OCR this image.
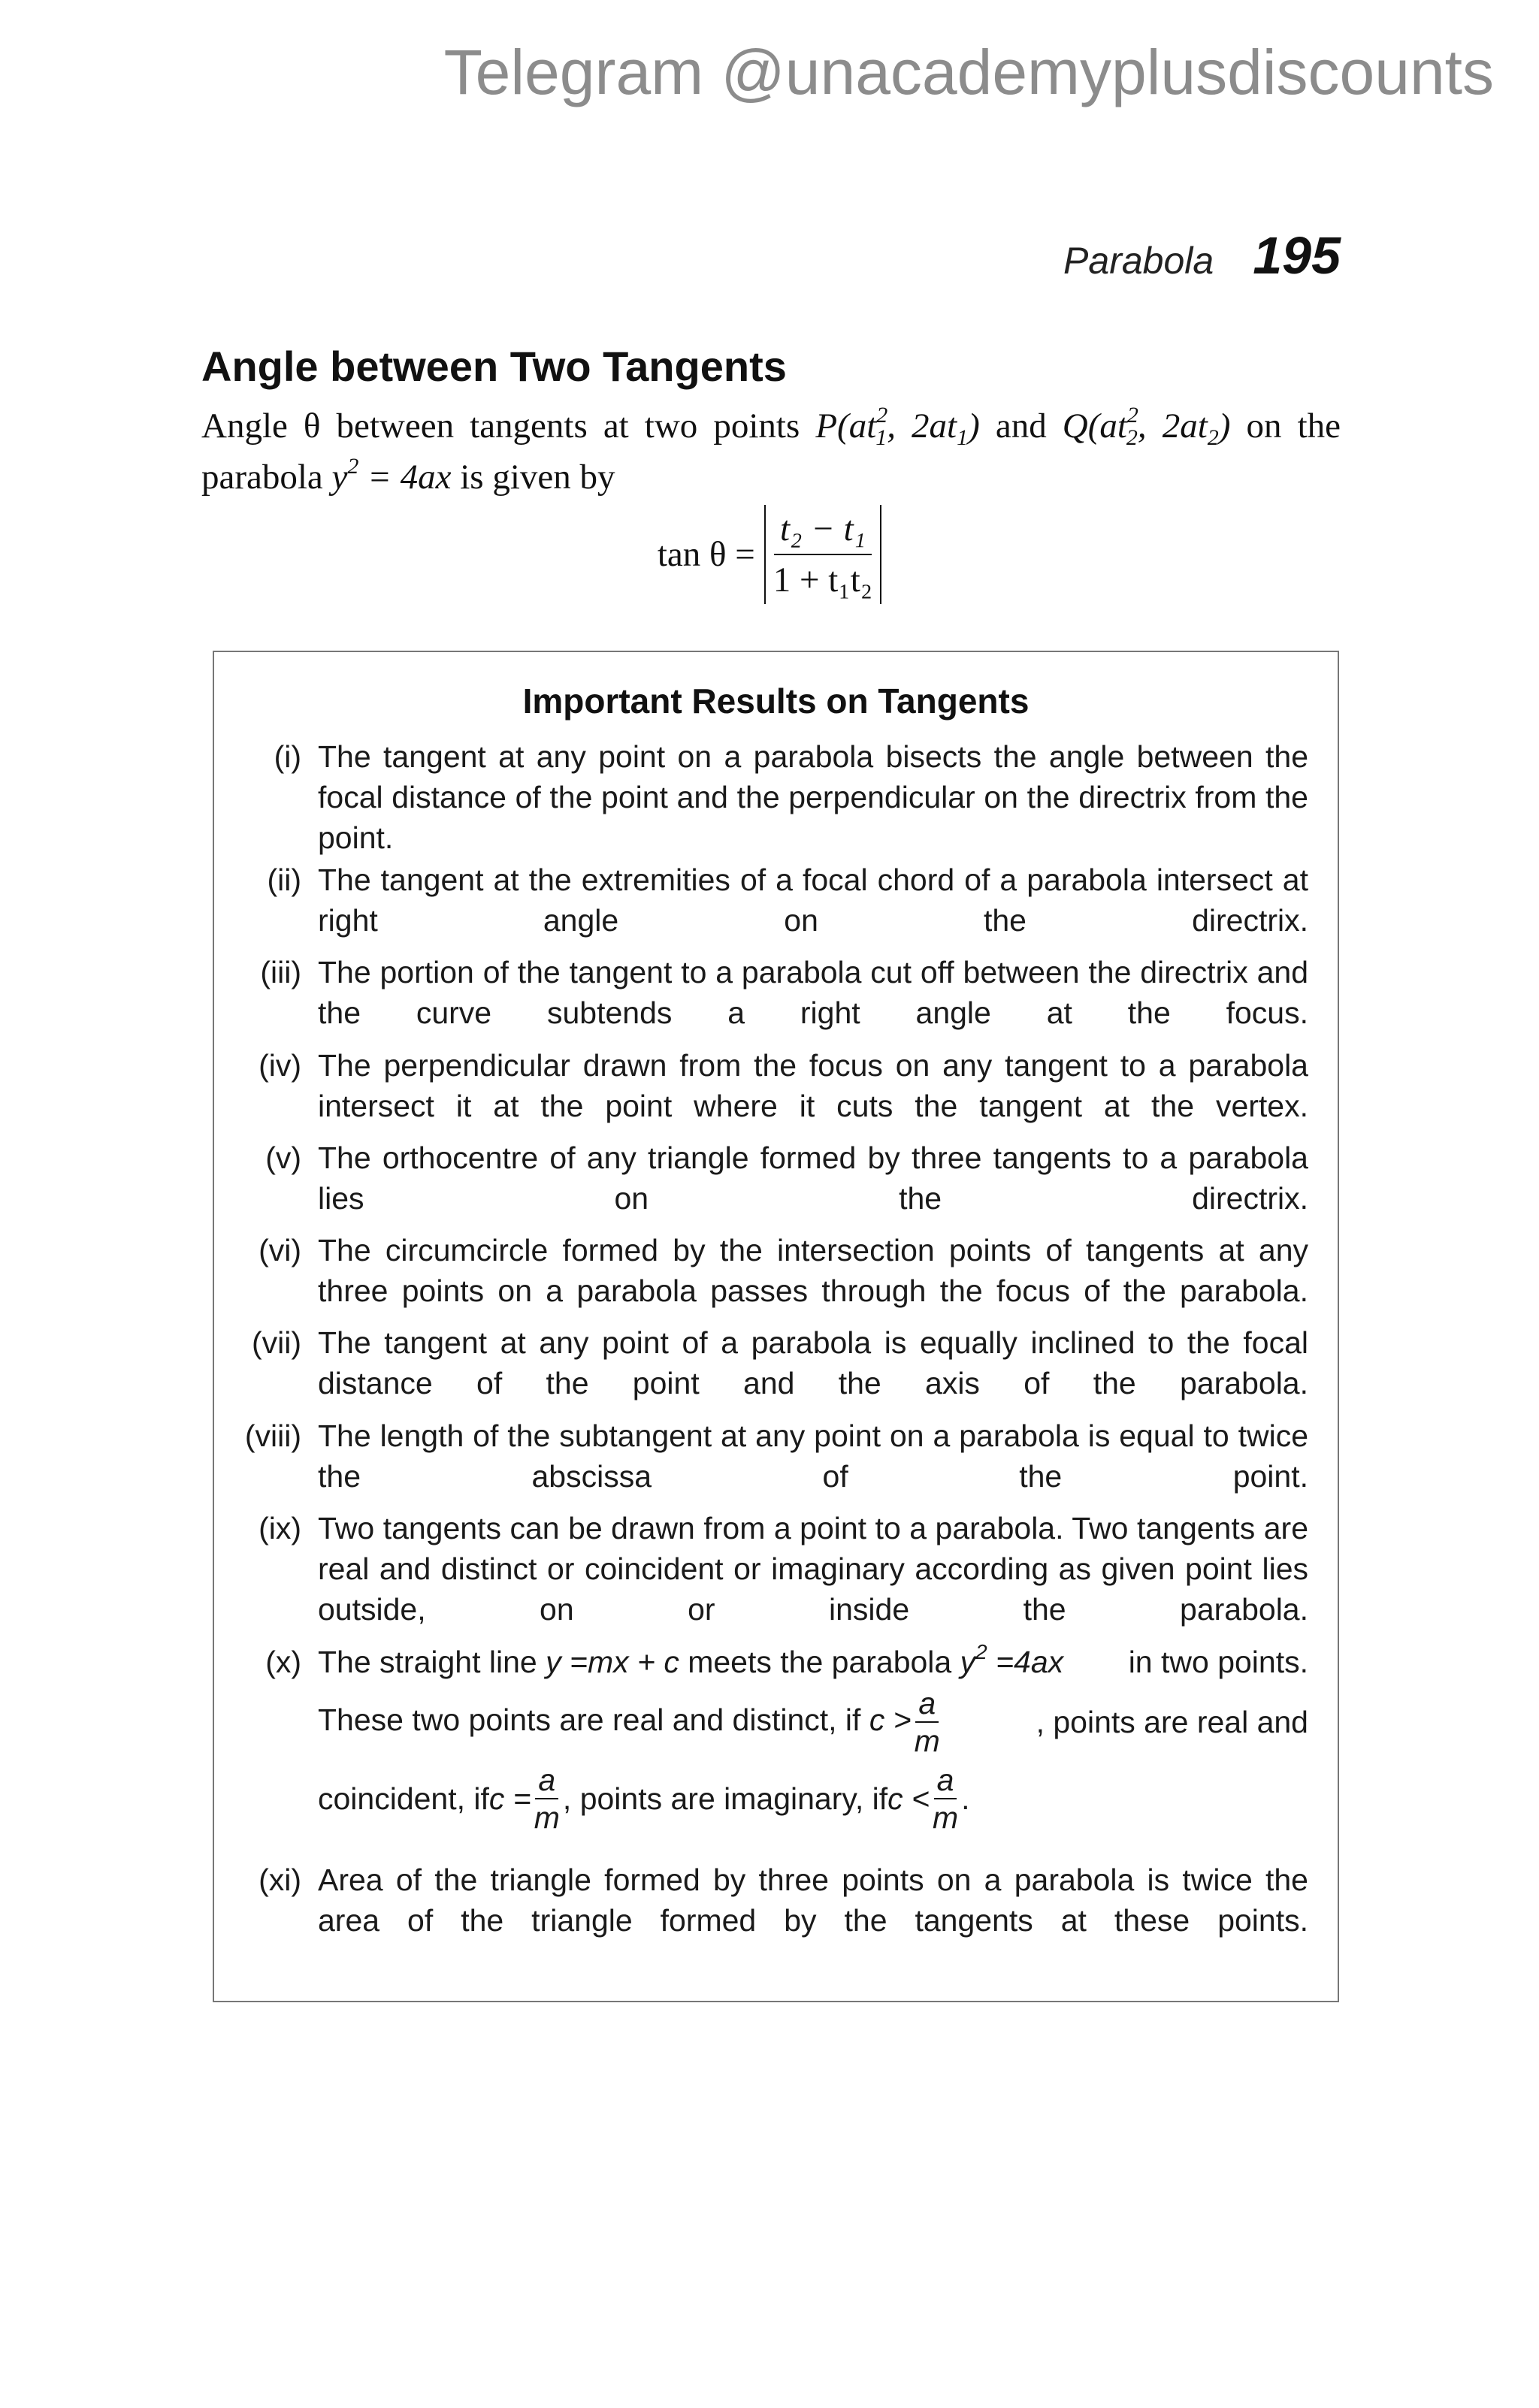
Telegram @unacademyplusdiscounts
Parabola 195
Angle between Two Tangents
Angle θ between tangents at two points $P(at^2_1$, $2at_1$) and $Q(at^2_2$, $2at_2$) on the parabola $y^2 = 4ax$ is given by
$\tan \theta = \frac{\text{t₂ − t₁}}{\text{1 + t₁t₂}}$
Important Results on Tangents
(i) The tangent at any point on a parabola bisects the angle between the focal distance of the point and the perpendicular on the directrix from the point.
(ii) The tangent at the extremities of a focal chord of a parabola intersect at right angle on the directrix.
(iii) The portion of the tangent to a parabola cut off between the directrix and the curve subtends a right angle at the focus.
(iv) The perpendicular drawn from the focus on any tangent to a parabola intersect it at the point where it cuts the tangent at the vertex.
(v) The orthocentre of any triangle formed by three tangents to a parabola lies on the directrix.
(vi) The circumcircle formed by the intersection points of tangents at any three points on a parabola passes through the focus of the parabola.
(vii) The tangent at any point of a parabola is equally inclined to the focal distance of the point and the axis of the parabola.
(viii) The length of the subtangent at any point on a parabola is equal to twice the abscissa of the point.
(ix) Two tangents can be drawn from a point to a parabola. Two tangents are real and distinct or coincident or imaginary according as given point lies outside, on or inside the parabola.
(x) The straight line y =mx + c meets the parabola $y^2 =4ax$ in two points.
These two points are real and distinct, if $c > \frac{a}{m}$	, points are real and
coincident, if $c = \frac{a}{m}$ , points are imaginary, if c <
a
m
.
(xi) Area of the triangle formed by three points on a parabola is twice the area of the triangle formed by the tangents at these points.
